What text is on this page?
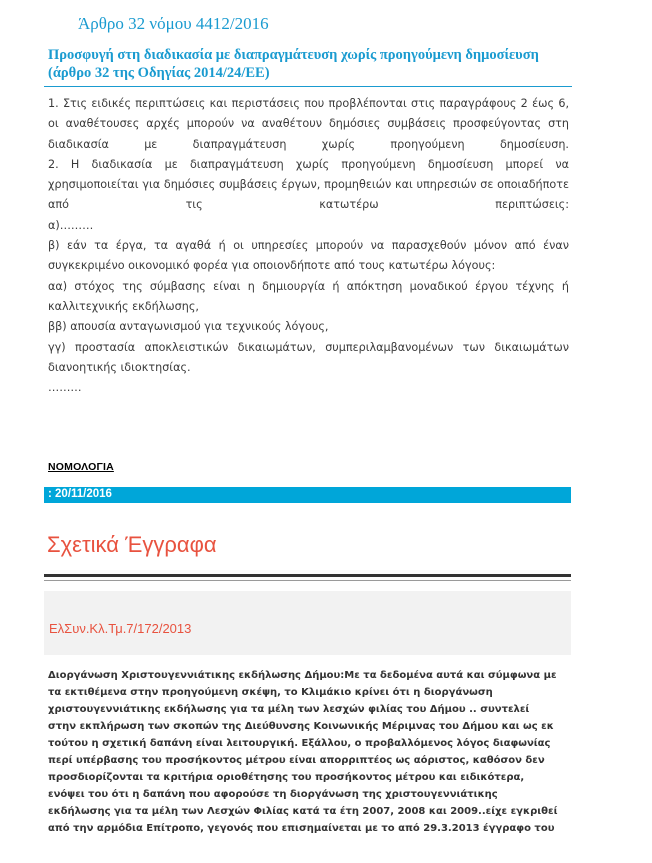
Άρθρο 32 νόμου 4412/2016
Προσφυγή στη διαδικασία με διαπραγμάτευση χωρίς προηγούμενη δημοσίευση
(άρθρο 32 της Οδηγίας 2014/24/ΕΕ)

1. Στις ειδικές περιπτώσεις και περιστάσεις που προβλέπονται στις παραγράφους 2 έως 6, οι αναθέτουσες αρχές μπορούν να αναθέτουν δημόσιες συμβάσεις προσφεύγοντας στη διαδικασία με διαπραγμάτευση χωρίς προηγούμενη δημοσίευση.

2. Η διαδικασία με διαπραγμάτευση χωρίς προηγούμενη δημοσίευση μπορεί να χρησιμοποιείται για δημόσιες συμβάσεις έργων, προμηθειών και υπηρεσιών σε οποιαδήποτε από τις κατωτέρω περιπτώσεις:

α)………

β) εάν τα έργα, τα αγαθά ή οι υπηρεσίες μπορούν να παρασχεθούν μόνον από έναν συγκεκριμένο οικονομικό φορέα για οποιονδήποτε από τους κατωτέρω λόγους:

αα) στόχος της σύμβασης είναι η δημιουργία ή απόκτηση μοναδικού έργου τέχνης ή καλλιτεχνικής εκδήλωσης,

ββ) απουσία ανταγωνισμού για τεχνικούς λόγους,

γγ) προστασία αποκλειστικών δικαιωμάτων, συμπεριλαμβανομένων των δικαιωμάτων διανοητικής ιδιοκτησίας.

………

ΝΟΜΟΛΟΓΙΑ
: 20/11/2016
Σχετικά Έγγραφα
ΕλΣυν.Κλ.Τμ.7/172/2013
Διοργάνωση Χριστουγεννιάτικης εκδήλωσης Δήμου:Με τα δεδομένα αυτά και σύμφωνα με
τα εκτιθέμενα στην προηγούμενη σκέψη, το Κλιμάκιο κρίνει ότι η διοργάνωση
χριστουγεννιάτικης εκδήλωσης για τα μέλη των λεσχών φιλίας του Δήμου .. συντελεί
στην εκπλήρωση των σκοπών της Διεύθυνσης Κοινωνικής Μέριμνας του Δήμου και ως εκ
τούτου η σχετική δαπάνη είναι λειτουργική. Εξάλλου, ο προβαλλόμενος λόγος διαφωνίας
περί υπέρβασης του προσήκοντος μέτρου είναι απορριπτέος ως αόριστος, καθόσον δεν
προσδιορίζονται τα κριτήρια οριοθέτησης του προσήκοντος μέτρου και ειδικότερα,
ενόψει του ότι η δαπάνη που αφορούσε τη διοργάνωση της χριστουγεννιάτικης
εκδήλωσης για τα μέλη των Λεσχών Φιλίας κατά τα έτη 2007, 2008 και 2009..είχε εγκριθεί
από την αρμόδια Επίτροπο, γεγονός που επισημαίνεται με το από 29.3.2013 έγγραφο του
